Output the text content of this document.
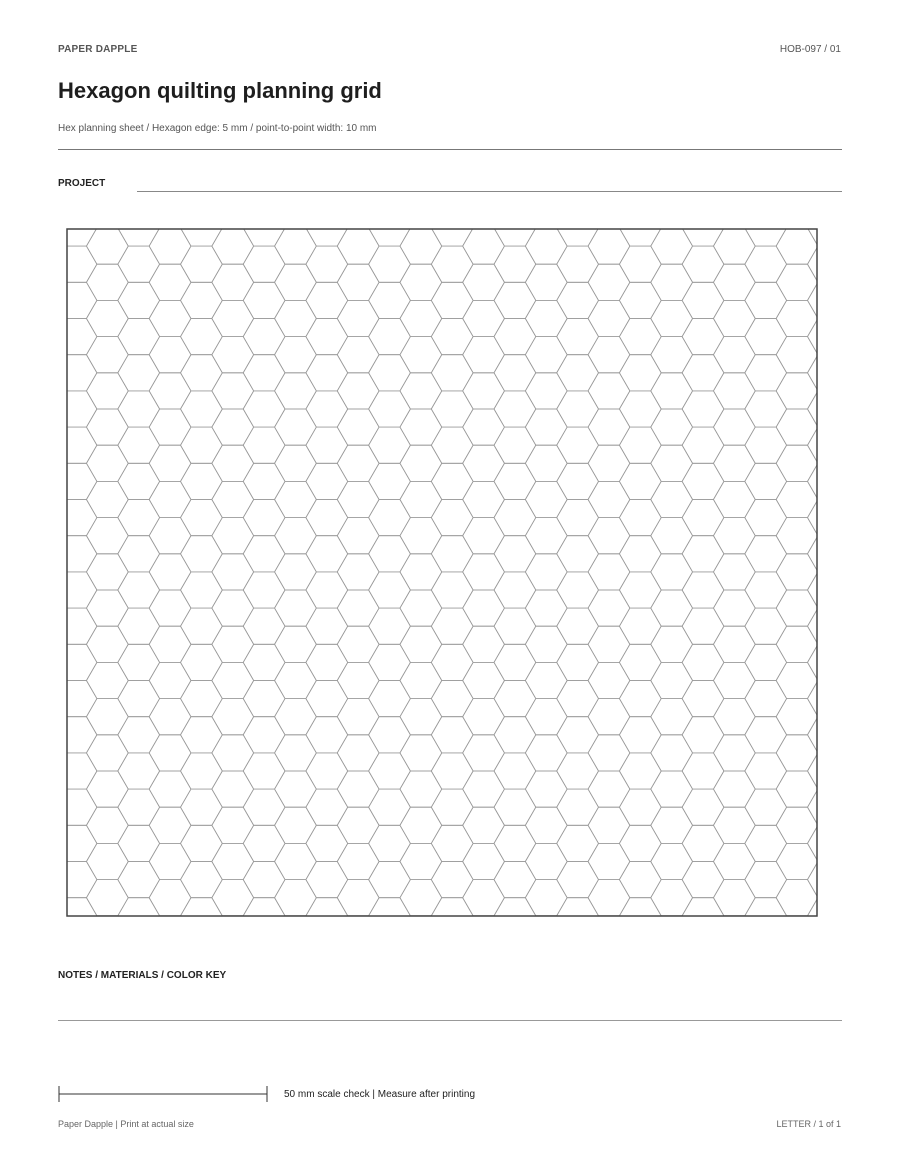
PAPER DAPPLE	HOB-097 / 01
Hexagon quilting planning grid
Hex planning sheet / Hexagon edge: 5 mm / point-to-point width: 10 mm
PROJECT
NOTES / MATERIALS / COLOR KEY
50 mm scale check | Measure after printing
Paper Dapple | Print at actual size	LETTER / 1 of 1
